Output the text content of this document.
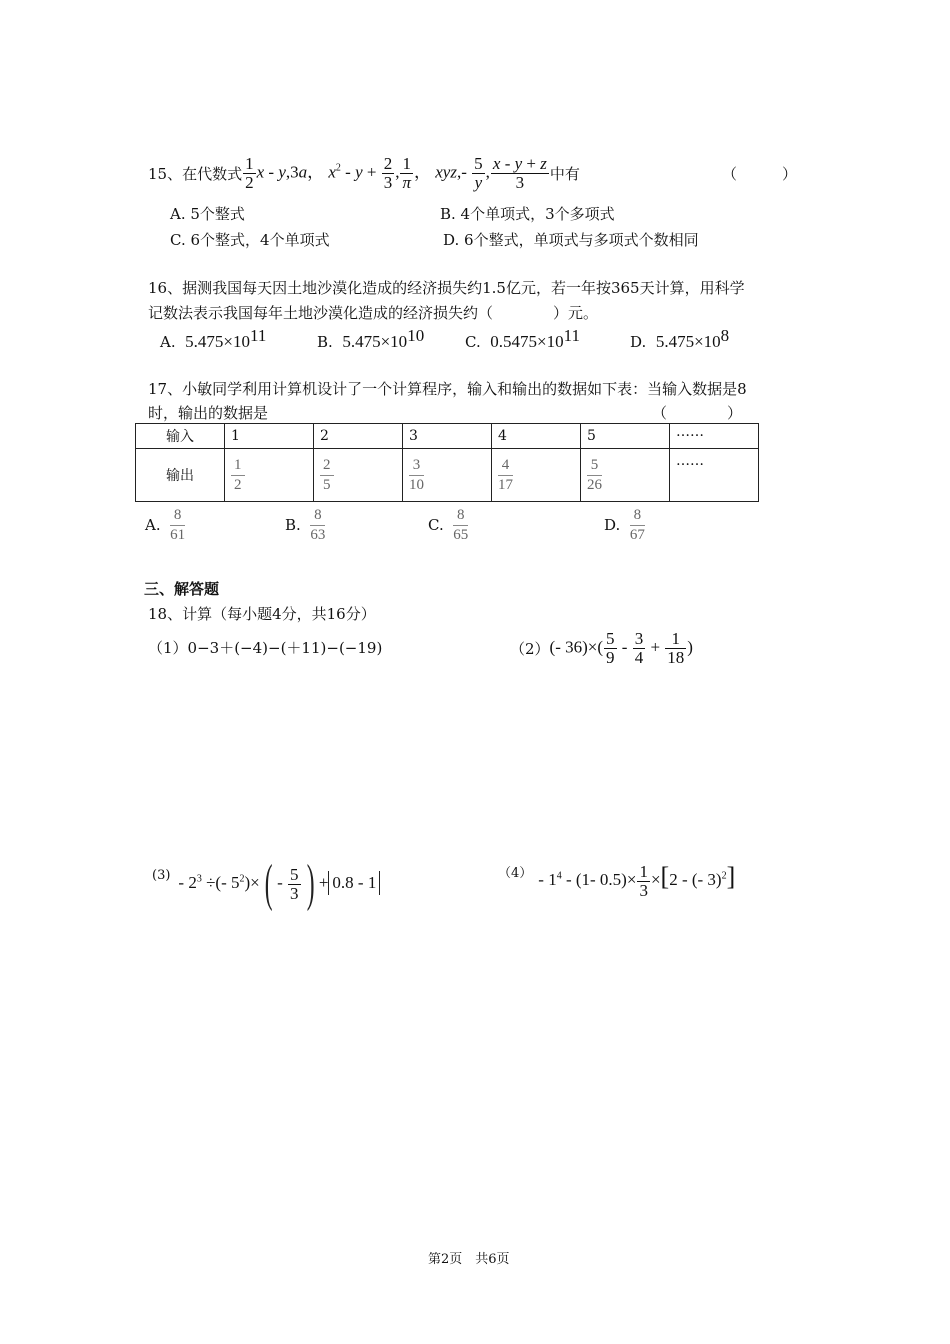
15、在代数式 $\frac{1}{2}$ x - y,3a， $x^2 - y + \frac{2}{3}$ , $\frac{1}{\pi}$ ， $xyz,- \frac{5}{y}$ , $\frac{x - y + z}{3}$ 中有	（　　　）
A. 5个整式	B. 4个单项式，3个多项式
C. 6个整式，4个单项式	D. 6个整式，单项式与多项式个数相同
16、据测我国每天因土地沙漠化造成的经济损失约1.5亿元，若一年按365天计算，用科学
记数法表示我国每年土地沙漠化造成的经济损失约（　　　　）元。
A. $5.475\times 10^{11}$	B. $5.475\times 10^{10}$	C. $0.5475\times 10^{11}$	D. $5.475\times 10^8$
17、小敏同学利用计算机设计了一个计算程序，输入和输出的数据如下表：当输入数据是8
时，输出的数据是	（　　　　）
输入	1	2	3	4	5	……
输出	$\frac{1}{2}$	$\frac{2}{5}$	$\frac{3}{10}$	$\frac{4}{17}$	$\frac{5}{26}$	……
A.

8
61
B.

8
63
C.

8
65
D.

8
67
三、解答题
18、计算（每小题4分，共16分）
（1）0−3＋(−4)−(＋11)−(−19)	（2） (- $36)\times( \frac{5}{9} - \frac{3}{4} + \frac{1}{18}$ )
$(3) - 2^3$ ÷(- $5^2)\times( - \frac{5}{3}$ ) + 0.8 - 1	$(4) - 1^4 - (1-$ $0.5)\times \frac{1}{3} \times[2$ - (- 3)$^2$]
第2页　共6页
